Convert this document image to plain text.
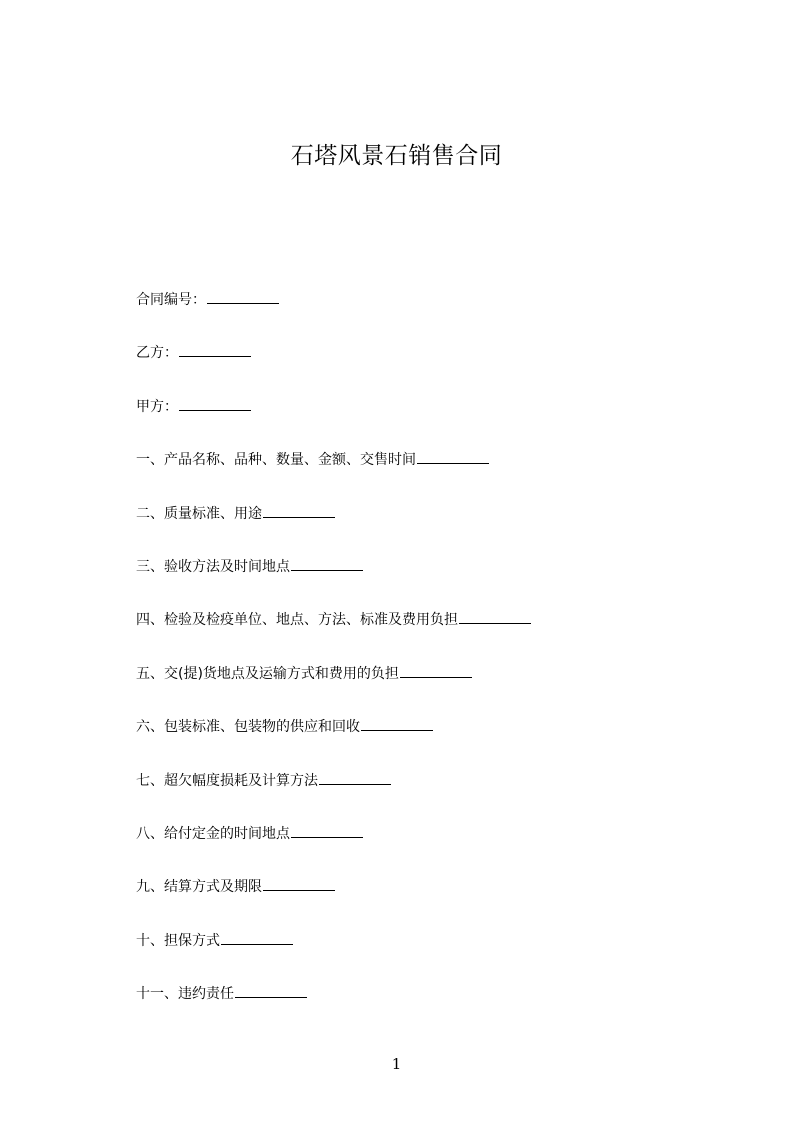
石塔风景石销售合同
合同编号：
乙方：
甲方：
一、产品名称、品种、数量、金额、交售时间
二、质量标准、用途
三、验收方法及时间地点
四、检验及检疫单位、地点、方法、标准及费用负担
五、交(提)货地点及运输方式和费用的负担
六、包装标准、包装物的供应和回收
七、超欠幅度损耗及计算方法
八、给付定金的时间地点
九、结算方式及期限
十、担保方式
十一、违约责任
1
